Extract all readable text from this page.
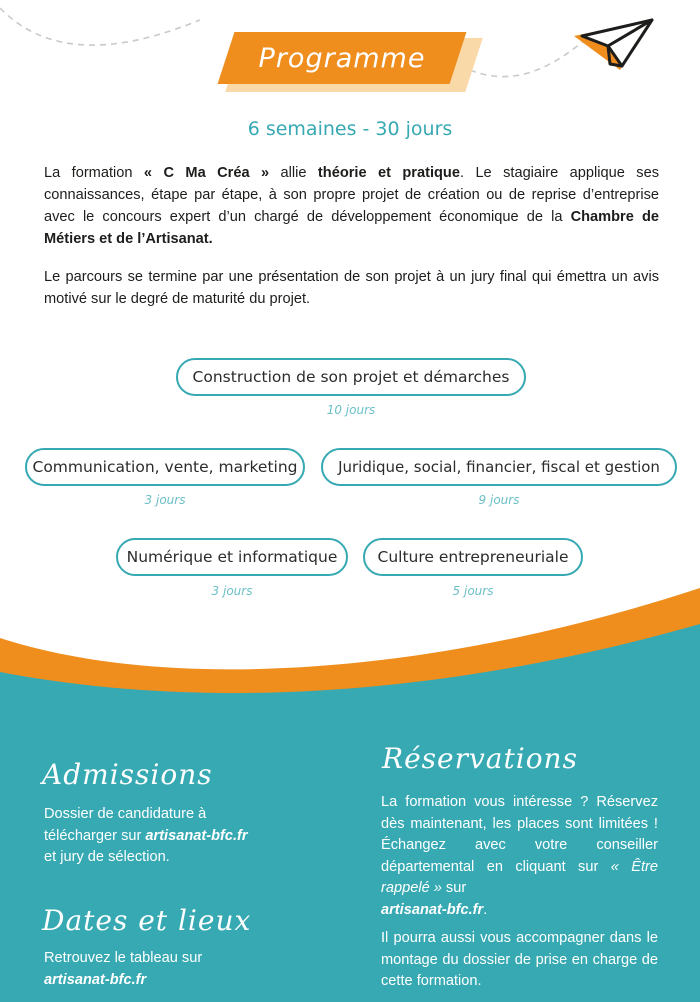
Programme
6 semaines - 30 jours

La formation « C Ma Créa » allie théorie et pratique. Le stagiaire applique ses connaissances, étape par étape, à son propre projet de création ou de reprise d’entreprise avec le concours expert d’un chargé de développement économique de la Chambre de Métiers et de l’Artisanat.

Le parcours se termine par une présentation de son projet à un jury final qui émettra un avis motivé sur le degré de maturité du projet.

Construction de son projet et démarches
10 jours
Communication, vente, marketing
3 jours
Juridique, social, financier, fiscal et gestion
9 jours
Numérique et informatique
3 jours
Culture entrepreneuriale
5 jours
Admissions
Dossier de candidature à
télécharger sur artisanat-bfc.fr
et jury de sélection.
Dates et lieux
Retrouvez le tableau sur
artisanat-bfc.fr
Réservations
La formation vous intéresse ? Réservez dès maintenant, les places sont limitées ! Échangez avec votre conseiller départemental en cliquant sur « Être rappelé » sur
artisanat-bfc.fr.
Il pourra aussi vous accompagner dans le montage du dossier de prise en charge de cette formation.
